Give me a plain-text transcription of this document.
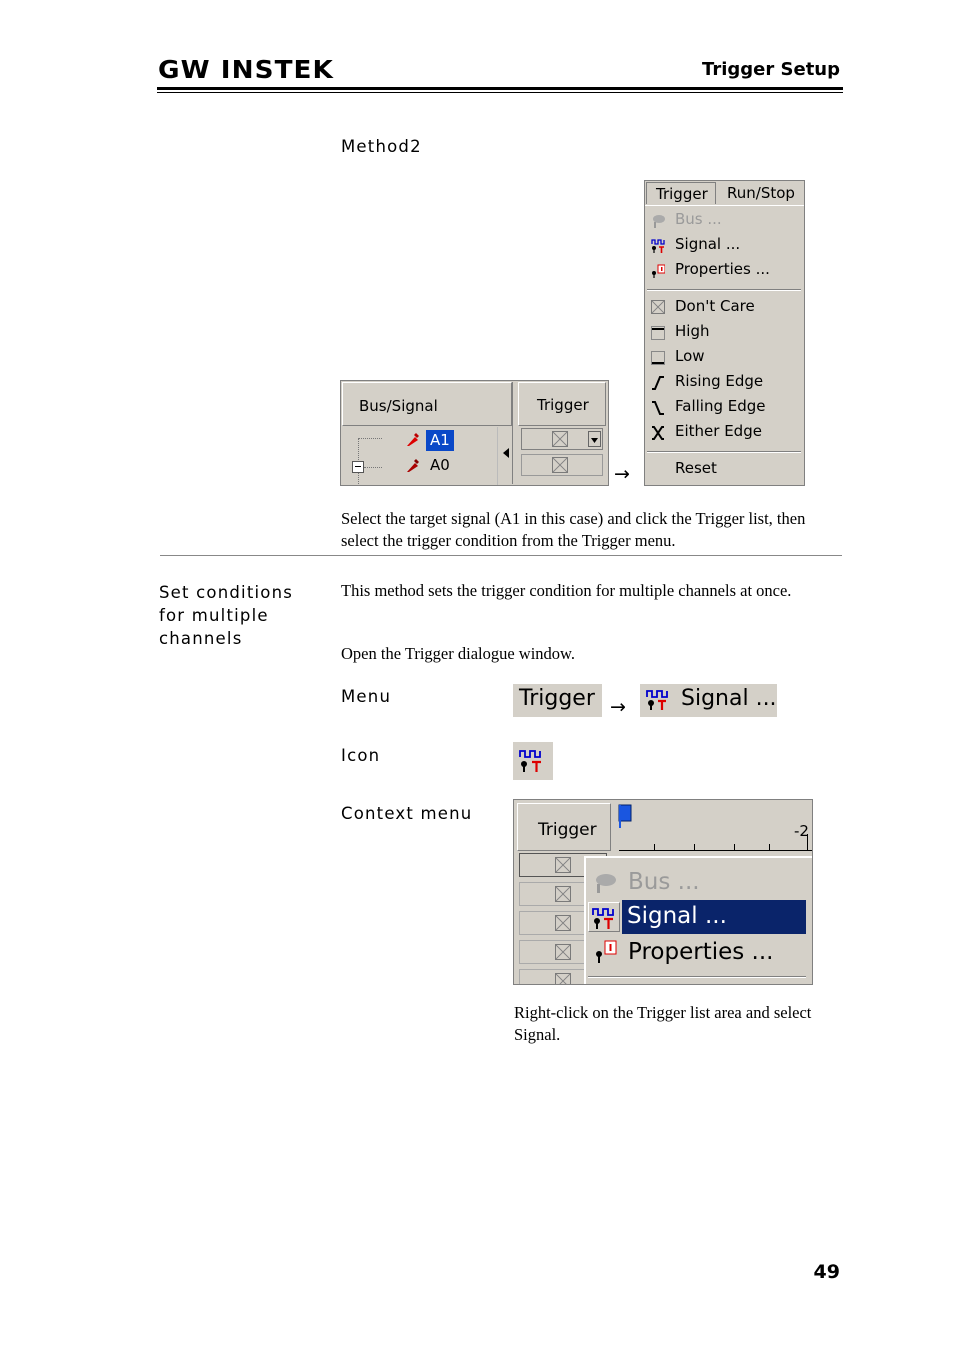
GW INSTEK	Trigger Setup
Method2
Bus/Signal	Trigger
A1
A0	→
Trigger	Run/Stop
Bus ...
Signal ...
Properties ...
Don't Care
High
Low
Rising Edge
Falling Edge
Either Edge
Reset
Select the target signal (A1 in this case) and click the Trigger list, then select the trigger condition from the Trigger menu.
Set conditions for multiple channels
This method sets the trigger condition for multiple channels at once.
Open the Trigger dialogue window.
Menu	Trigger →	Signal ...
Icon
Context menu
Trigger	-2
Bus ...
Signal ...
Properties ...
Right-click on the Trigger list area and select Signal.
49
